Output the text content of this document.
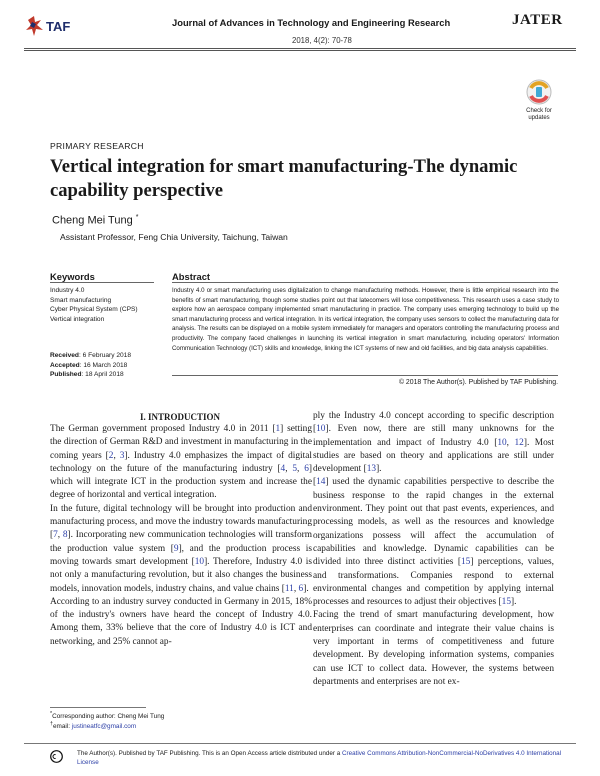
TAF	Journal of Advances in Technology and Engineering Research
2018, 4(2): 70-78
JATER
Check for
updates
PRIMARY RESEARCH
Vertical integration for smart manufacturing-The dynamic capability perspective
Cheng Mei Tung *
Assistant Professor, Feng Chia University, Taichung, Taiwan
Keywords	Abstract
Industry 4.0
Smart manufacturing
Cyber Physical System (CPS)
Vertical integration
Received: 6 February 2018
Accepted: 16 March 2018
Published: 18 April 2018
Industry 4.0 or smart manufacturing uses digitalization to change manufacturing methods. However, there is little empirical research into the benefits of smart manufacturing, though some studies point out that latecomers will lose competitiveness. This research uses a case study to explore how an aerospace company implemented smart manufacturing in practice. The company uses emerging technology to build up the smart manufacturing process and vertical integration. In its vertical integration, the company uses sensors to collect the manufacturing data for analysis. The results can be displayed on a mobile system immediately for managers and operators controlling the manufacturing process and productivity. The company faced challenges in launching its vertical integration in smart manufacturing, including operators' Information Communication Technology (ICT) skills and knowledge, linking the ICT systems of new and old facilities, and big data analysis capabilities.
© 2018 The Author(s). Published by TAF Publishing.
I. INTRODUCTION

The German government proposed Industry 4.0 in 2011 [1] setting the direction of German R&D and investment in manufacturing in the coming years [2, 3]. Industry 4.0 emphasizes the impact of digital technology on the future of the manufacturing industry [4, 5, 6] which will integrate ICT in the production system and increase the degree of horizontal and vertical integration.

In the future, digital technology will be brought into production and manufacturing process, and move the industry towards manufacturing [7, 8]. Incorporating new communication technologies will transform the production value system [9], and the production process is moving towards smart development [10]. Therefore, Industry 4.0 is not only a manufacturing revolution, but it also changes the business models, innovation models, industry chains, and value chains [11, 6].

According to an industry survey conducted in Germany in 2015, 18% of the industry's owners have heard the concept of Industry 4.0. Among them, 33% believe that the core of Industry 4.0 is ICT and networking, and 25% cannot ap-

ply the Industry 4.0 concept according to specific description [10]. Even now, there are still many unknowns for the implementation and impact of Industry 4.0 [10, 12]. Most studies are based on theory and applications are still under development [13].

[14] used the dynamic capabilities perspective to describe the business response to the rapid changes in the external environment. They point out that past events, experiences, and processing models, as well as the resources and knowledge organizations possess will affect the accumulation of capabilities and knowledge. Dynamic capabilities can be divided into three distinct activities [15] perceptions, values, and transformations. Companies respond to external environmental changes and competition by applying internal processes and resources to adjust their objectives [15].

Facing the trend of smart manufacturing development, how enterprises can coordinate and integrate their value chains is very important in terms of competitiveness and future development. By developing information systems, companies can use ICT to collect data. However, the systems between departments and enterprises are not ex-

*Corresponding author: Cheng Mei Tung
†email: justineatfc@gmail.com
The Author(s). Published by TAF Publishing. This is an Open Access article distributed under a Creative Commons Attribution-NonCommercial-NoDerivatives 4.0 International License
